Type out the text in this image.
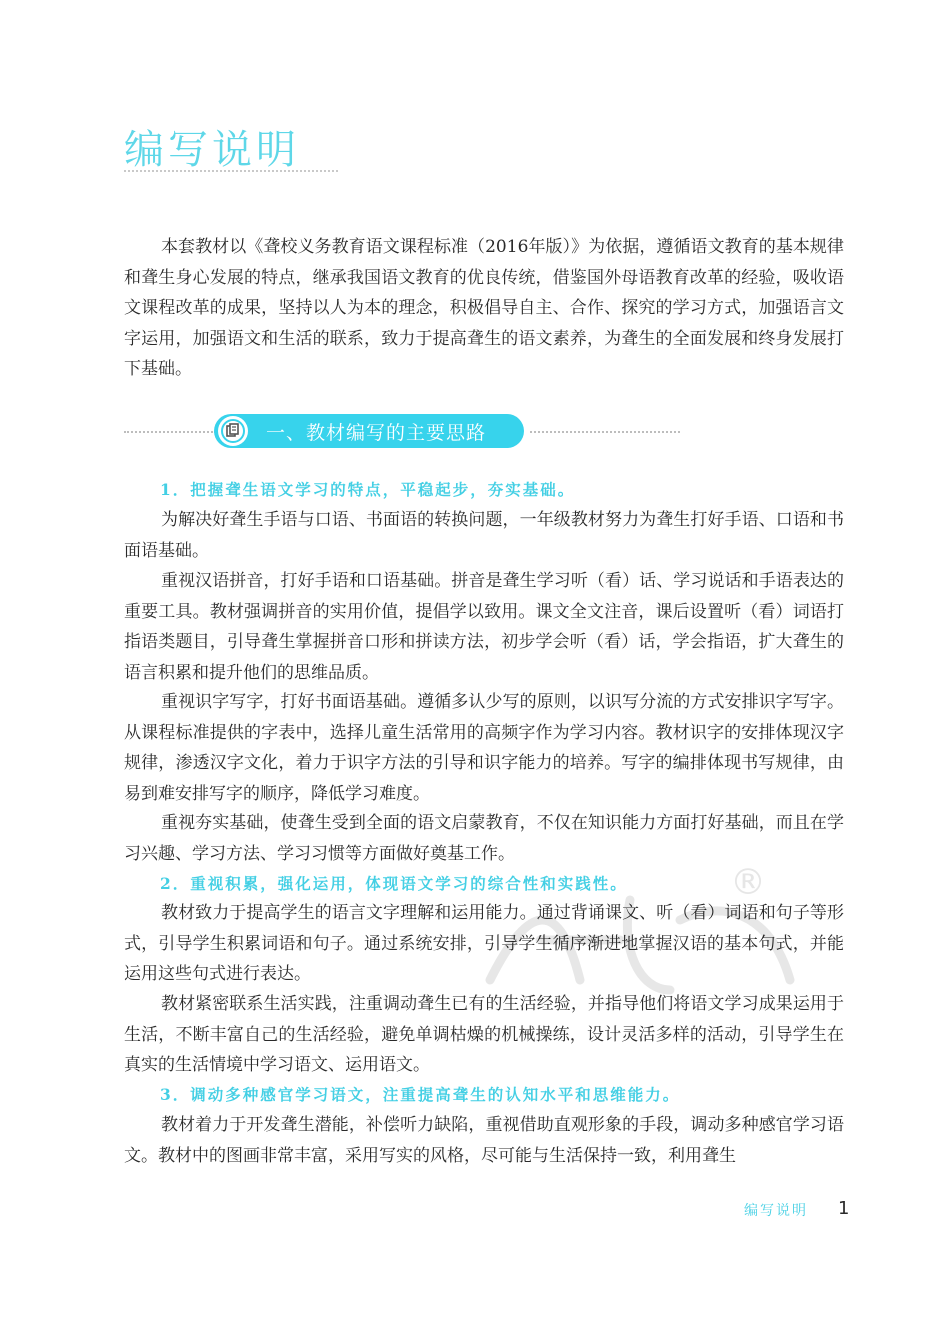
编写说明

本套教材以《聋校义务教育语文课程标准（2016年版）》为依据，遵循语文教育的基本规律和聋生身心发展的特点，继承我国语文教育的优良传统，借鉴国外母语教育改革的经验，吸收语文课程改革的成果，坚持以人为本的理念，积极倡导自主、合作、探究的学习方式，加强语言文字运用，加强语文和生活的联系，致力于提高聋生的语文素养，为聋生的全面发展和终身发展打下基础。

一、教材编写的主要思路

1．把握聋生语文学习的特点，平稳起步，夯实基础。

为解决好聋生手语与口语、书面语的转换问题，一年级教材努力为聋生打好手语、口语和书面语基础。

重视汉语拼音，打好手语和口语基础。拼音是聋生学习听（看）话、学习说话和手语表达的重要工具。教材强调拼音的实用价值，提倡学以致用。课文全文注音，课后设置听（看）词语打指语类题目，引导聋生掌握拼音口形和拼读方法，初步学会听（看）话，学会指语，扩大聋生的语言积累和提升他们的思维品质。

重视识字写字，打好书面语基础。遵循多认少写的原则，以识写分流的方式安排识字写字。从课程标准提供的字表中，选择儿童生活常用的高频字作为学习内容。教材识字的安排体现汉字规律，渗透汉字文化，着力于识字方法的引导和识字能力的培养。写字的编排体现书写规律，由易到难安排写字的顺序，降低学习难度。

重视夯实基础，使聋生受到全面的语文启蒙教育，不仅在知识能力方面打好基础，而且在学习兴趣、学习方法、学习习惯等方面做好奠基工作。

2．重视积累，强化运用，体现语文学习的综合性和实践性。

教材致力于提高学生的语言文字理解和运用能力。通过背诵课文、听（看）词语和句子等形式，引导学生积累词语和句子。通过系统安排，引导学生循序渐进地掌握汉语的基本句式，并能运用这些句式进行表达。

教材紧密联系生活实践，注重调动聋生已有的生活经验，并指导他们将语文学习成果运用于生活，不断丰富自己的生活经验，避免单调枯燥的机械操练，设计灵活多样的活动，引导学生在真实的生活情境中学习语文、运用语文。

3．调动多种感官学习语文，注重提高聋生的认知水平和思维能力。

教材着力于开发聋生潜能，补偿听力缺陷，重视借助直观形象的手段，调动多种感官学习语文。教材中的图画非常丰富，采用写实的风格，尽可能与生活保持一致，利用聋生

®
编写说明 1
